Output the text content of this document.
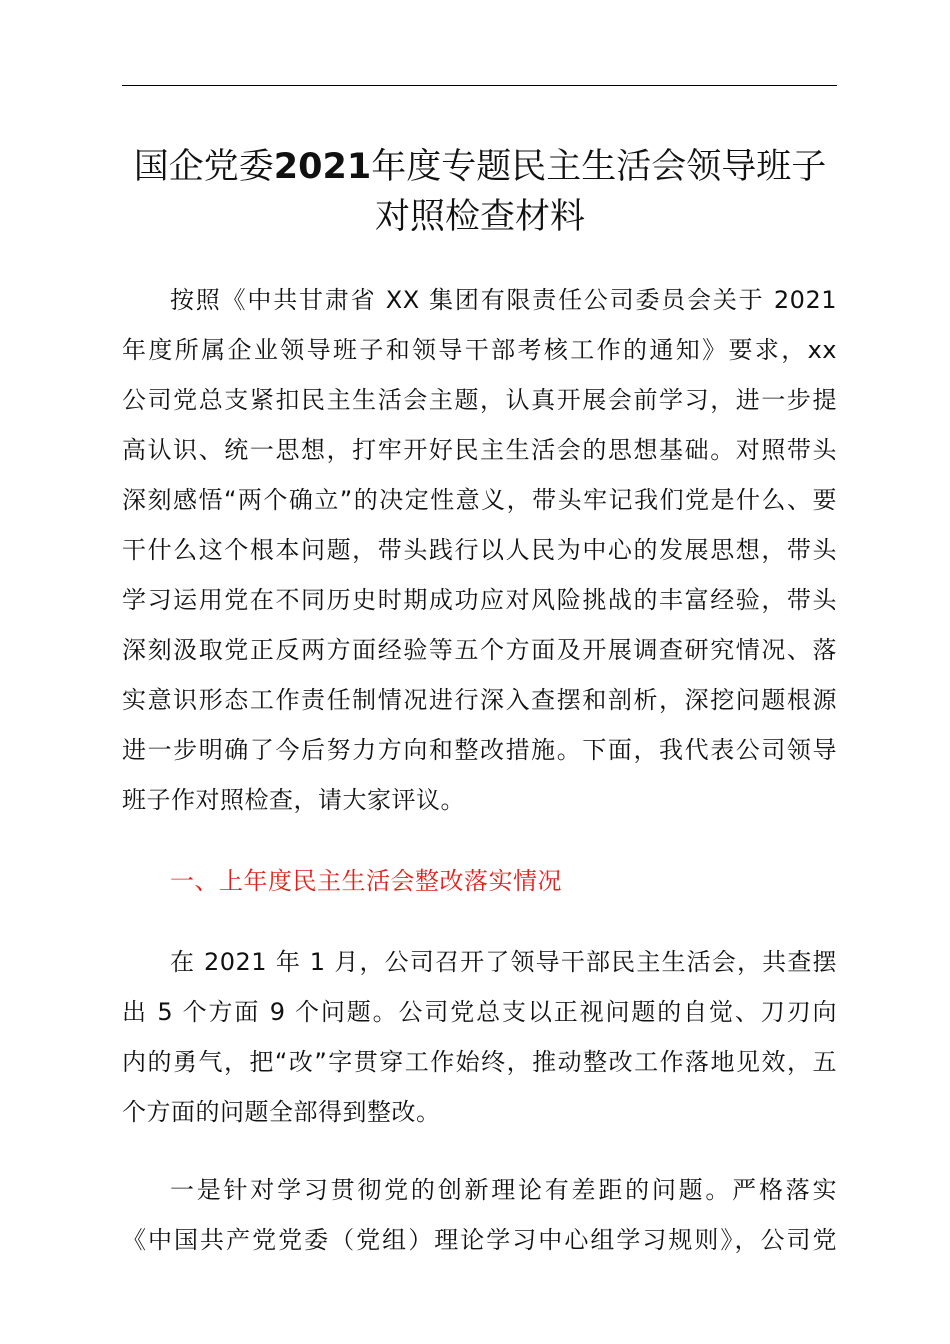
国企党委2021年度专题民主生活会领导班子
对照检查材料
按照《中共甘肃省 XX 集团有限责任公司委员会关于 2021
年度所属企业领导班子和领导干部考核工作的通知》要求，xx
公司党总支紧扣民主生活会主题，认真开展会前学习，进一步提
高认识、统一思想，打牢开好民主生活会的思想基础。对照带头
深刻感悟“两个确立”的决定性意义，带头牢记我们党是什么、要
干什么这个根本问题，带头践行以人民为中心的发展思想，带头
学习运用党在不同历史时期成功应对风险挑战的丰富经验，带头
深刻汲取党正反两方面经验等五个方面及开展调查研究情况、落
实意识形态工作责任制情况进行深入查摆和剖析，深挖问题根源
进一步明确了今后努力方向和整改措施。下面，我代表公司领导
班子作对照检查，请大家评议。
一、上年度民主生活会整改落实情况
在 2021 年 1 月，公司召开了领导干部民主生活会，共查摆
出 5 个方面 9 个问题。公司党总支以正视问题的自觉、刀刃向
内的勇气，把“改”字贯穿工作始终，推动整改工作落地见效，五
个方面的问题全部得到整改。
一是针对学习贯彻党的创新理论有差距的问题。严格落实
《中国共产党党委（党组）理论学习中心组学习规则》，公司党
